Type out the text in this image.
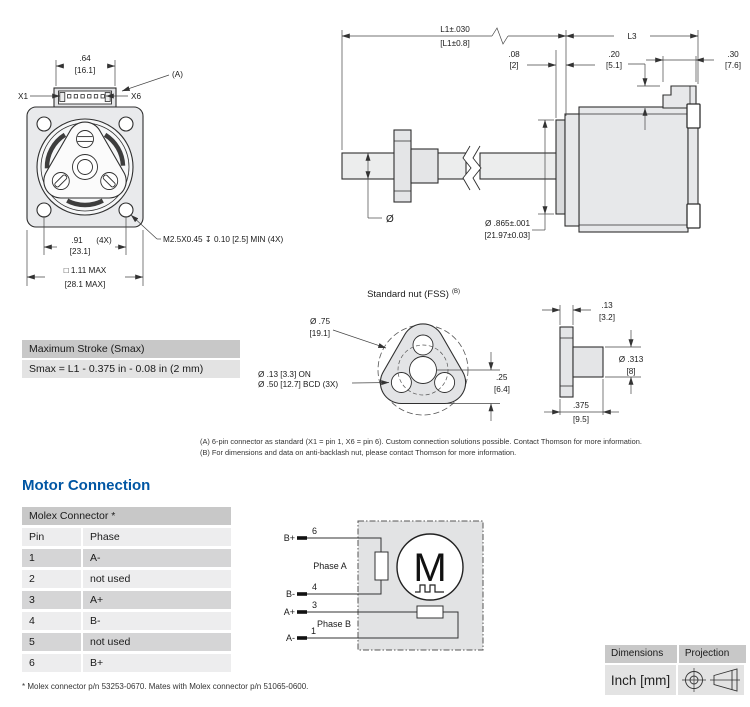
.64
[16.1]	(A)
X1	X6
.91 (4X)
[23.1]
□ 1.11 MAX
[28.1 MAX]
M2.5X0.45 ↧ 0.10 [2.5] MIN (4X)
L1±.030
[L1±0.8]
L3
.08
[2]
.20
[5.1]
.30
[7.6]
Ø	Ø .865±.001
[21.97±0.03]
Standard nut (FSS) (B)
Ø .75
[19.1]
Ø .13 [3.3] ON
Ø .50 [12.7] BCD (3X)
.25
[6.4]
.13
[3.2]
Ø .313
[8]
.375
[9.5]
(A) 6-pin connector as standard (X1 = pin 1, X6 = pin 6). Custom connection solutions possible. Contact Thomson for more information.
(B) For dimensions and data on anti-backlash nut, please contact Thomson for more information.
Maximum Stroke (Smax)
Smax = L1 - 0.375 in - 0.08 in (2 mm)
Motor Connection
Molex Connector *
Pin	Phase
1	A-
2	not used
3	A+
4	B-
5	not used
6	B+
M
B+
6
Phase A
B-
4
A+
3
Phase B
A-
1
* Molex connector p/n 53253-0670. Mates with Molex connector p/n 51065-0600.
Dimensions	Projection
Inch [mm]
